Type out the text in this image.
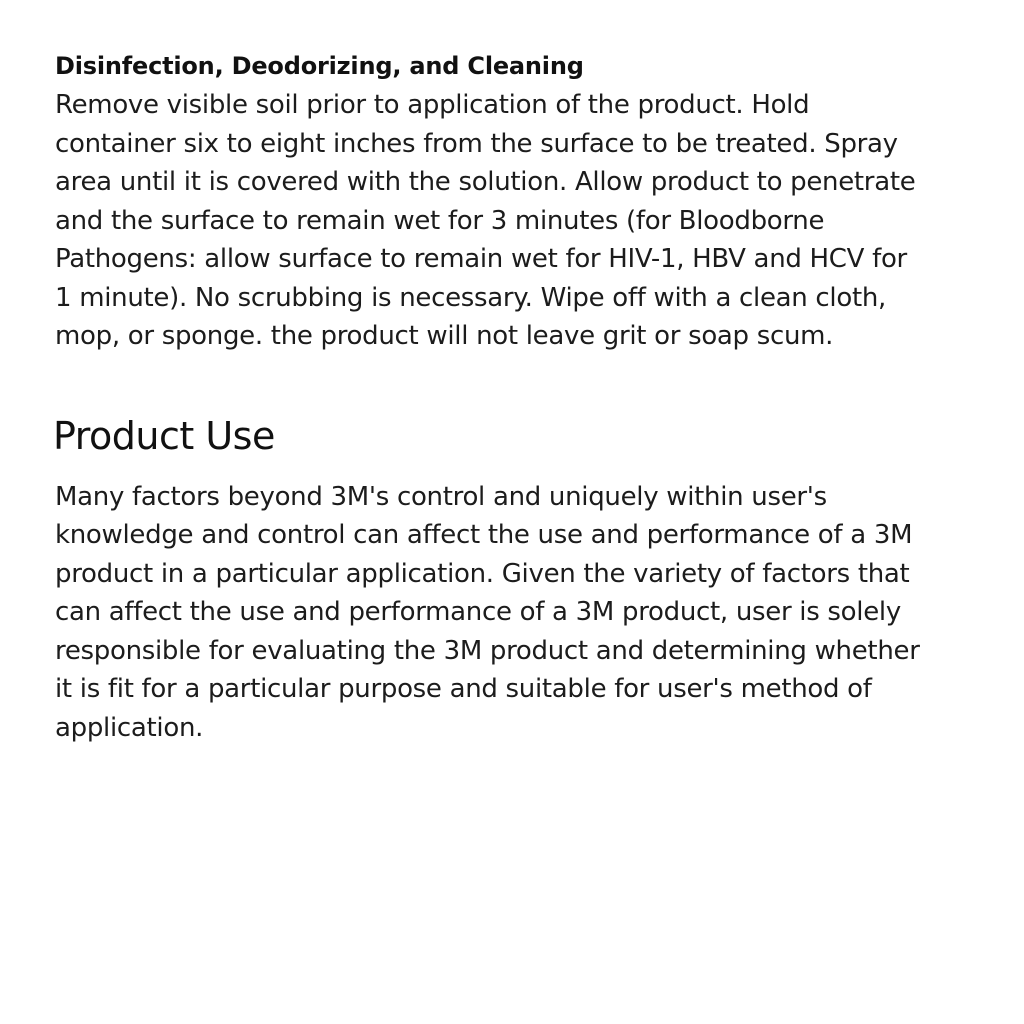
Disinfection, Deodorizing, and Cleaning

Remove visible soil prior to application of the product. Hold
container six to eight inches from the surface to be treated. Spray
area until it is covered with the solution. Allow product to penetrate
and the surface to remain wet for 3 minutes (for Bloodborne
Pathogens: allow surface to remain wet for HIV-1, HBV and HCV for
1 minute). No scrubbing is necessary. Wipe off with a clean cloth,
mop, or sponge. the product will not leave grit or soap scum.

Product Use

Many factors beyond 3M's control and uniquely within user's
knowledge and control can affect the use and performance of a 3M
product in a particular application. Given the variety of factors that
can affect the use and performance of a 3M product, user is solely
responsible for evaluating the 3M product and determining whether
it is fit for a particular purpose and suitable for user's method of
application.
